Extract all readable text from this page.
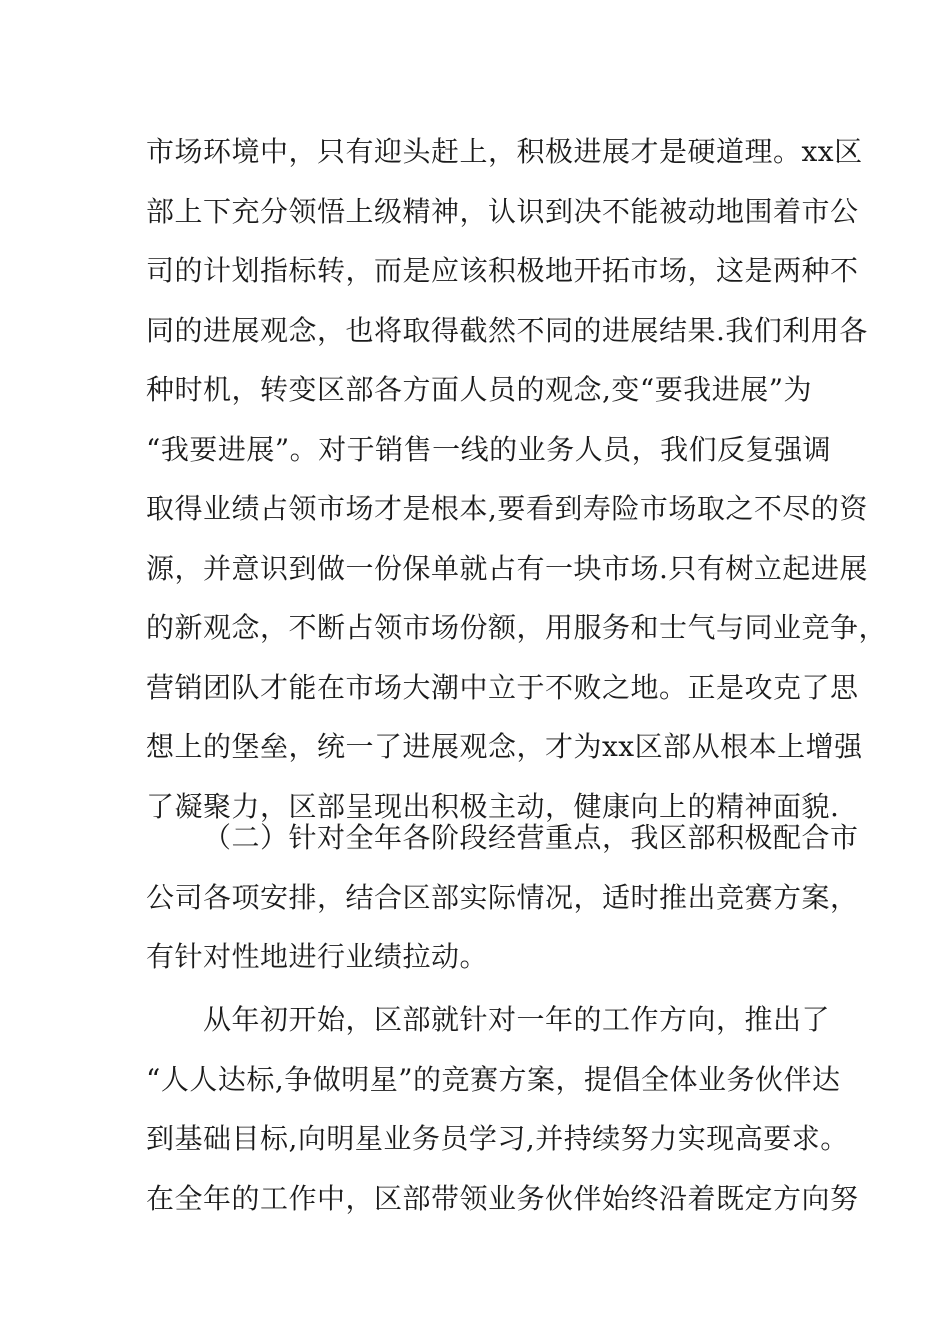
市场环境中，只有迎头赶上，积极进展才是硬道理。xx区
部上下充分领悟上级精神，认识到决不能被动地围着市公
司的计划指标转，而是应该积极地开拓市场，这是两种不
同的进展观念，也将取得截然不同的进展结果.我们利用各
种时机，转变区部各方面人员的观念,变“要我进展”为
“我要进展”。对于销售一线的业务人员，我们反复强调
取得业绩占领市场才是根本,要看到寿险市场取之不尽的资
源，并意识到做一份保单就占有一块市场.只有树立起进展
的新观念，不断占领市场份额，用服务和士气与同业竞争，
营销团队才能在市场大潮中立于不败之地。正是攻克了思
想上的堡垒，统一了进展观念，才为xx区部从根本上增强
了凝聚力，区部呈现出积极主动，健康向上的精神面貌.
（二）针对全年各阶段经营重点，我区部积极配合市
公司各项安排，结合区部实际情况，适时推出竞赛方案，
有针对性地进行业绩拉动。
从年初开始，区部就针对一年的工作方向，推出了
“人人达标,争做明星”的竞赛方案，提倡全体业务伙伴达
到基础目标,向明星业务员学习,并持续努力实现高要求。
在全年的工作中，区部带领业务伙伴始终沿着既定方向努
